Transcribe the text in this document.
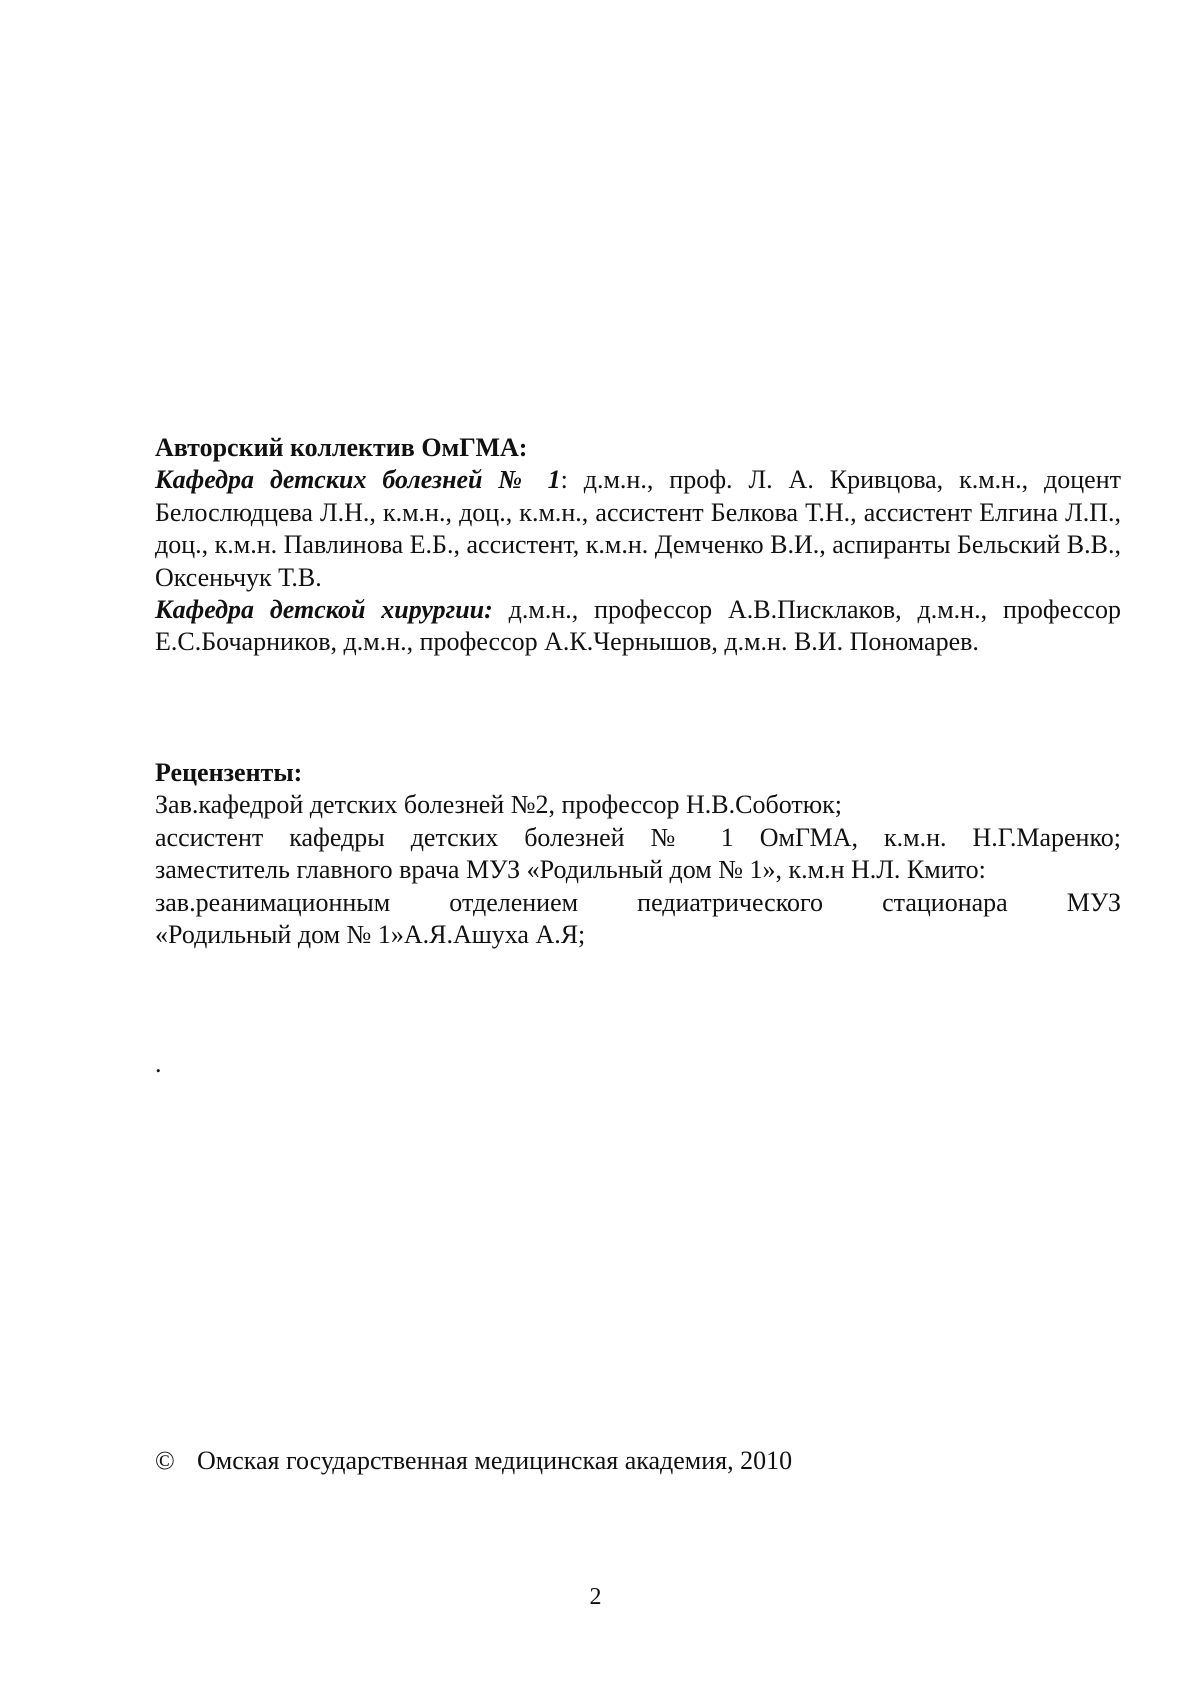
Авторский коллектив ОмГМА:

Кафедра детских болезней № 1: д.м.н., проф. Л. А. Кривцова, к.м.н., доцент Белослюдцева Л.Н., к.м.н., доц., к.м.н., ассистент Белкова Т.Н., ассистент Елгина Л.П., доц., к.м.н. Павлинова Е.Б., ассистент, к.м.н. Демченко В.И., аспиранты Бельский В.В., Оксеньчук Т.В.

Кафедра детской хирургии: д.м.н., профессор А.В.Писклаков, д.м.н., профессор Е.С.Бочарников, д.м.н., профессор А.К.Чернышов, д.м.н. В.И. Пономарев.

Рецензенты:
Зав.кафедрой детских болезней №2, профессор Н.В.Соботюк;
ассистент кафедры детских болезней № 1 ОмГМА, к.м.н. Н.Г.Маренко;
заместитель главного врача МУЗ «Родильный дом № 1», к.м.н Н.Л. Кмито:
зав.реанимационным отделением педиатрического стационара МУЗ
«Родильный дом № 1»А.Я.Ашуха А.Я;
.
© Омская государственная медицинская академия, 2010
2
